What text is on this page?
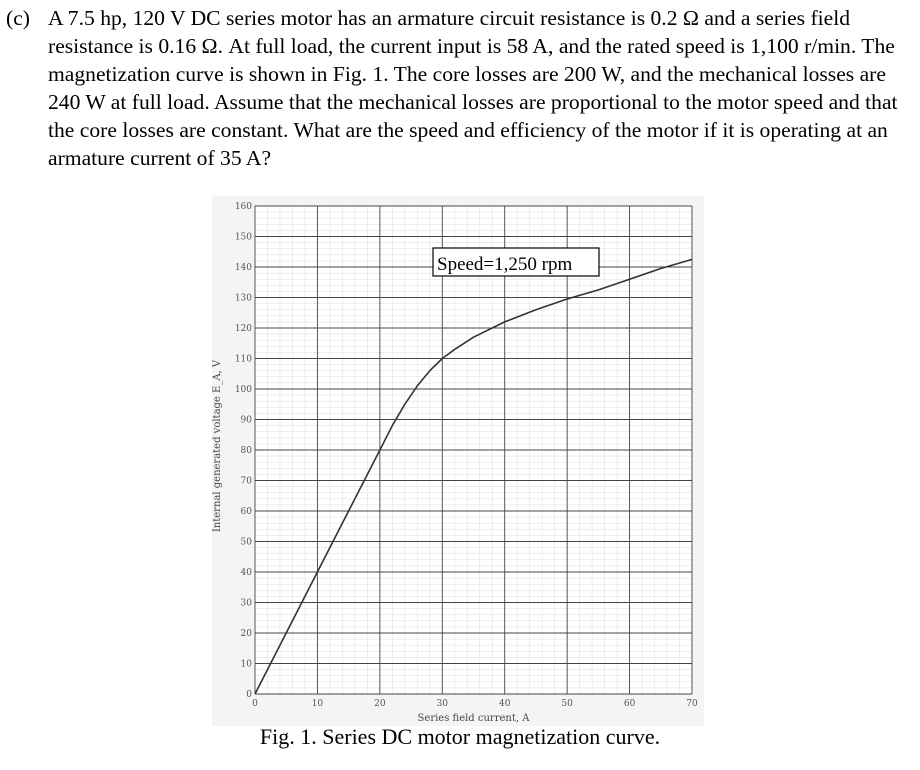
(c) A 7.5 hp, 120 V DC series motor has an armature circuit resistance is 0.2 Ω and a series field resistance is 0.16 Ω. At full load, the current input is 58 A, and the rated speed is 1,100 r/min. The magnetization curve is shown in Fig. 1. The core losses are 200 W, and the mechanical losses are 240 W at full load. Assume that the mechanical losses are proportional to the motor speed and that the core losses are constant. What are the speed and efficiency of the motor if it is operating at an armature current of 35 A?
0
10
20
30
40
50
60
70
80
90
100
110
120
130
140
150
160
0	10	20	30	40	50	60	70
Speed=1,250 rpm
Series field current, A
Internal generated voltage E_A, V
Fig. 1. Series DC motor magnetization curve.
